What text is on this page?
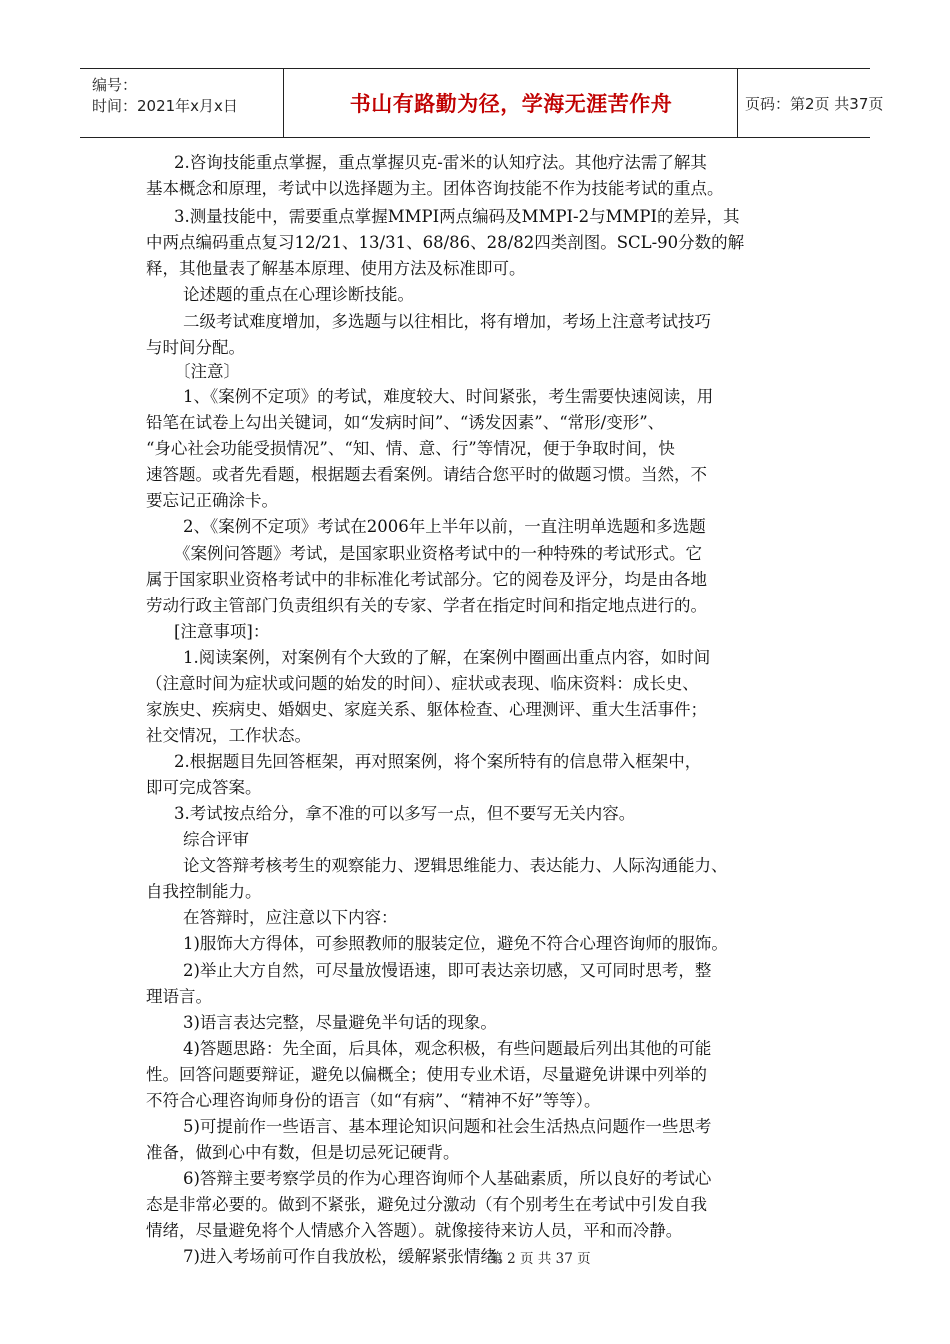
编号：
时间：2021年x月x日	书山有路勤为径，学海无涯苦作舟	页码：第2页 共37页
2.咨询技能重点掌握，重点掌握贝克-雷米的认知疗法。其他疗法需了解其
基本概念和原理，考试中以选择题为主。团体咨询技能不作为技能考试的重点。
3.测量技能中，需要重点掌握MMPI两点编码及MMPI-2与MMPI的差异，其
中两点编码重点复习12/21、13/31、68/86、28/82四类剖图。SCL-90分数的解
释，其他量表了解基本原理、使用方法及标准即可。
论述题的重点在心理诊断技能。
二级考试难度增加，多选题与以往相比，将有增加，考场上注意考试技巧
与时间分配。
〔注意〕
1、《案例不定项》的考试，难度较大、时间紧张，考生需要快速阅读，用
铅笔在试卷上勾出关键词，如“发病时间”、“诱发因素”、“常形/变形”、
“身心社会功能受损情况”、“知、情、意、行”等情况，便于争取时间，快
速答题。或者先看题，根据题去看案例。请结合您平时的做题习惯。当然，不
要忘记正确涂卡。
2、《案例不定项》考试在2006年上半年以前，一直注明单选题和多选题
《案例问答题》考试，是国家职业资格考试中的一种特殊的考试形式。它
属于国家职业资格考试中的非标准化考试部分。它的阅卷及评分，均是由各地
劳动行政主管部门负责组织有关的专家、学者在指定时间和指定地点进行的。
[注意事项]：
1.阅读案例，对案例有个大致的了解，在案例中圈画出重点内容，如时间
（注意时间为症状或问题的始发的时间）、症状或表现、临床资料：成长史、
家族史、疾病史、婚姻史、家庭关系、躯体检查、心理测评、重大生活事件；
社交情况，工作状态。
2.根据题目先回答框架，再对照案例，将个案所特有的信息带入框架中，
即可完成答案。
3.考试按点给分，拿不准的可以多写一点，但不要写无关内容。
综合评审
论文答辩考核考生的观察能力、逻辑思维能力、表达能力、人际沟通能力、
自我控制能力。
在答辩时，应注意以下内容：
1)服饰大方得体，可参照教师的服装定位，避免不符合心理咨询师的服饰。
2)举止大方自然，可尽量放慢语速，即可表达亲切感，又可同时思考，整
理语言。
3)语言表达完整，尽量避免半句话的现象。
4)答题思路：先全面，后具体，观念积极，有些问题最后列出其他的可能
性。回答问题要辩证，避免以偏概全；使用专业术语，尽量避免讲课中列举的
不符合心理咨询师身份的语言（如“有病”、“精神不好”等等）。
5)可提前作一些语言、基本理论知识问题和社会生活热点问题作一些思考
准备，做到心中有数，但是切忌死记硬背。
6)答辩主要考察学员的作为心理咨询师个人基础素质，所以良好的考试心
态是非常必要的。做到不紧张，避免过分激动（有个别考生在考试中引发自我
情绪，尽量避免将个人情感介入答题）。就像接待来访人员，平和而冷静。
7)进入考场前可作自我放松，缓解紧张情绪。
第 2 页 共 37 页
